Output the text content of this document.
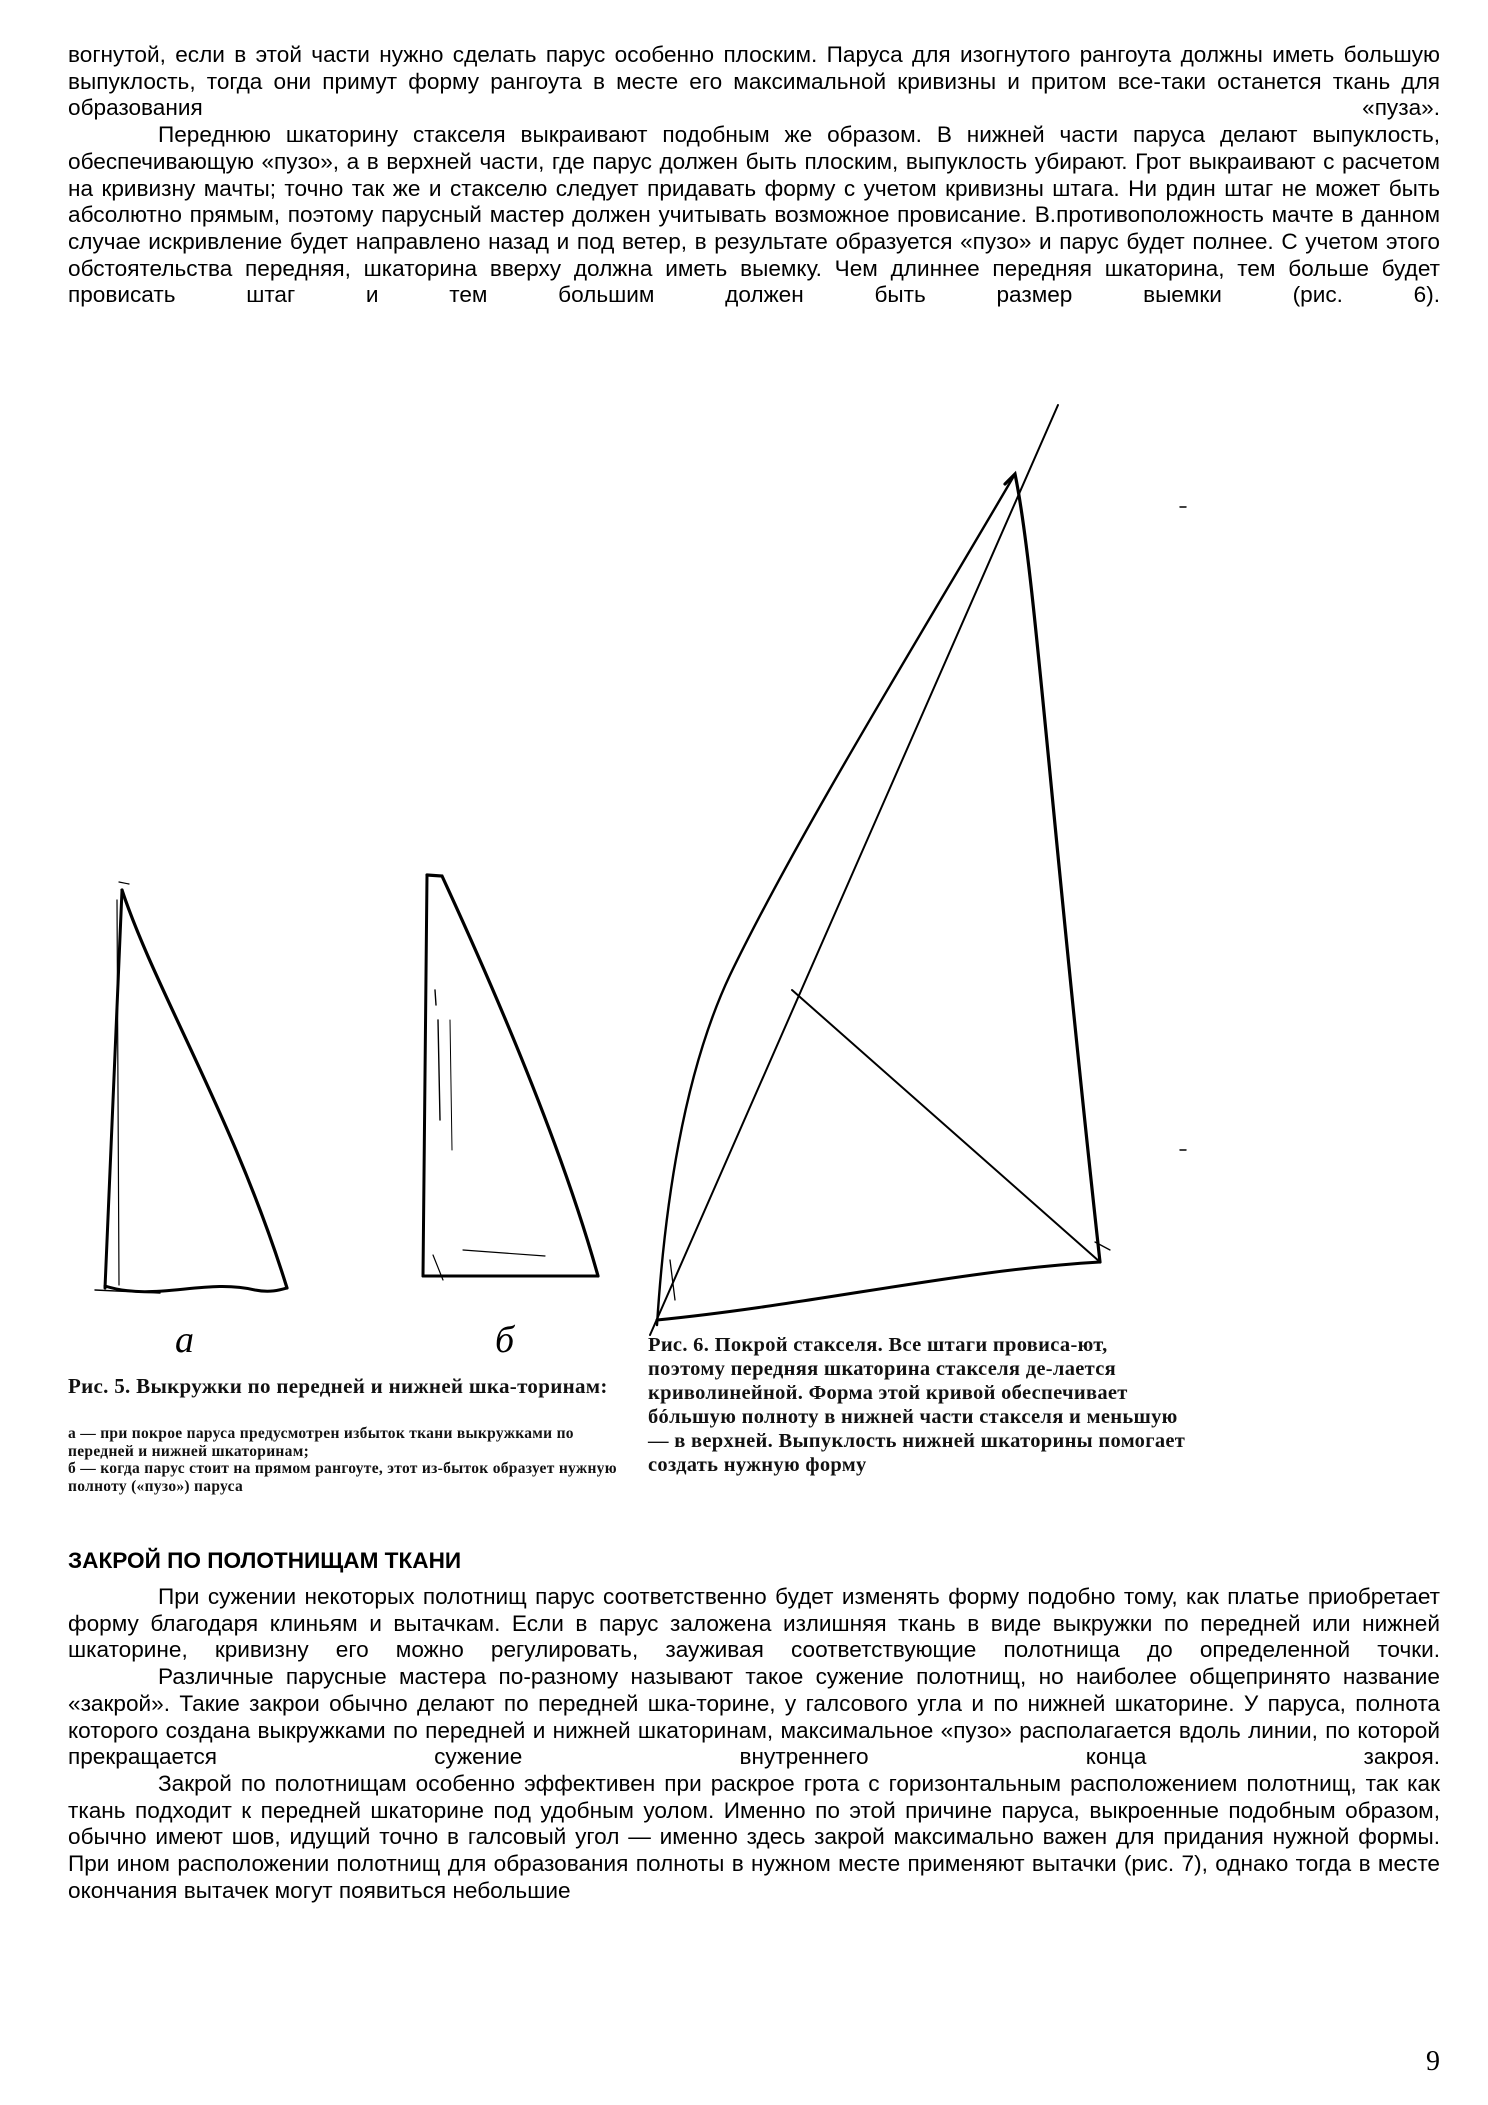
вогнутой, если в этой части нужно сделать парус особенно плоским. Паруса для изогнутого рангоута должны иметь большую выпуклость, тогда они примут форму рангоута в месте его максимальной кривизны и притом все-таки останется ткань для образования «пуза».

Переднюю шкаторину стакселя выкраивают подобным же образом. В нижней части паруса делают выпуклость, обеспечивающую «пузо», а в верхней части, где парус должен быть плоским, выпуклость убирают. Грот выкраивают с расчетом на кривизну мачты; точно так же и стакселю следует придавать форму с учетом кривизны штага. Ни рдин штаг не может быть абсолютно прямым, поэтому парусный мастер должен учитывать возможное провисание. В.противоположность мачте в данном случае искривление будет направлено назад и под ветер, в результате образуется «пузо» и парус будет полнее. С учетом этого обстоятельства передняя, шкаторина вверху должна иметь выемку. Чем длиннее передняя шкаторина, тем больше будет провисать штаг и тем большим должен быть размер выемки (рис. 6).

а	б
Рис. 5. Выкружки по передней и нижней шка-торинам:
а — при покрое паруса предусмотрен избыток ткани выкружками по передней и нижней шкаторинам;
б — когда парус стоит на прямом рангоуте, этот из-быток образует нужную полноту («пузо») паруса
Рис. 6. Покрой стакселя. Все штаги провиса-ют, поэтому передняя шкаторина стакселя де-лается криволинейной. Форма этой кривой обеспечивает бóльшую полноту в нижней части стакселя и меньшую — в верхней. Выпуклость нижней шкаторины помогает создать нужную форму
ЗАКРОЙ ПО ПОЛОТНИЩАМ ТКАНИ

При сужении некоторых полотнищ парус соответственно будет изменять форму подобно тому, как платье приобретает форму благодаря клиньям и вытачкам. Если в парус заложена излишняя ткань в виде выкружки по передней или нижней шкаторине, кривизну его можно регулировать, зауживая соответствующие полотнища до определенной точки.

Различные парусные мастера по-разному называют такое сужение полотнищ, но наиболее общепринято название «закрой». Такие закрои обычно делают по передней шка-торине, у галсового угла и по нижней шкаторине. У паруса, полнота которого создана выкружками по передней и нижней шкаторинам, максимальное «пузо» располагается вдоль линии, по которой прекращается сужение внутреннего конца закроя.

Закрой по полотнищам особенно эффективен при раскрое грота с горизонтальным расположением полотнищ, так как ткань подходит к передней шкаторине под удобным уолом. Именно по этой причине паруса, выкроенные подобным образом, обычно имеют шов, идущий точно в галсовый угол — именно здесь закрой максимально важен для придания нужной формы. При ином расположении полотнищ для образования полноты в нужном месте применяют вытачки (рис. 7), однако тогда в месте окончания вытачек могут появиться небольшие

9
